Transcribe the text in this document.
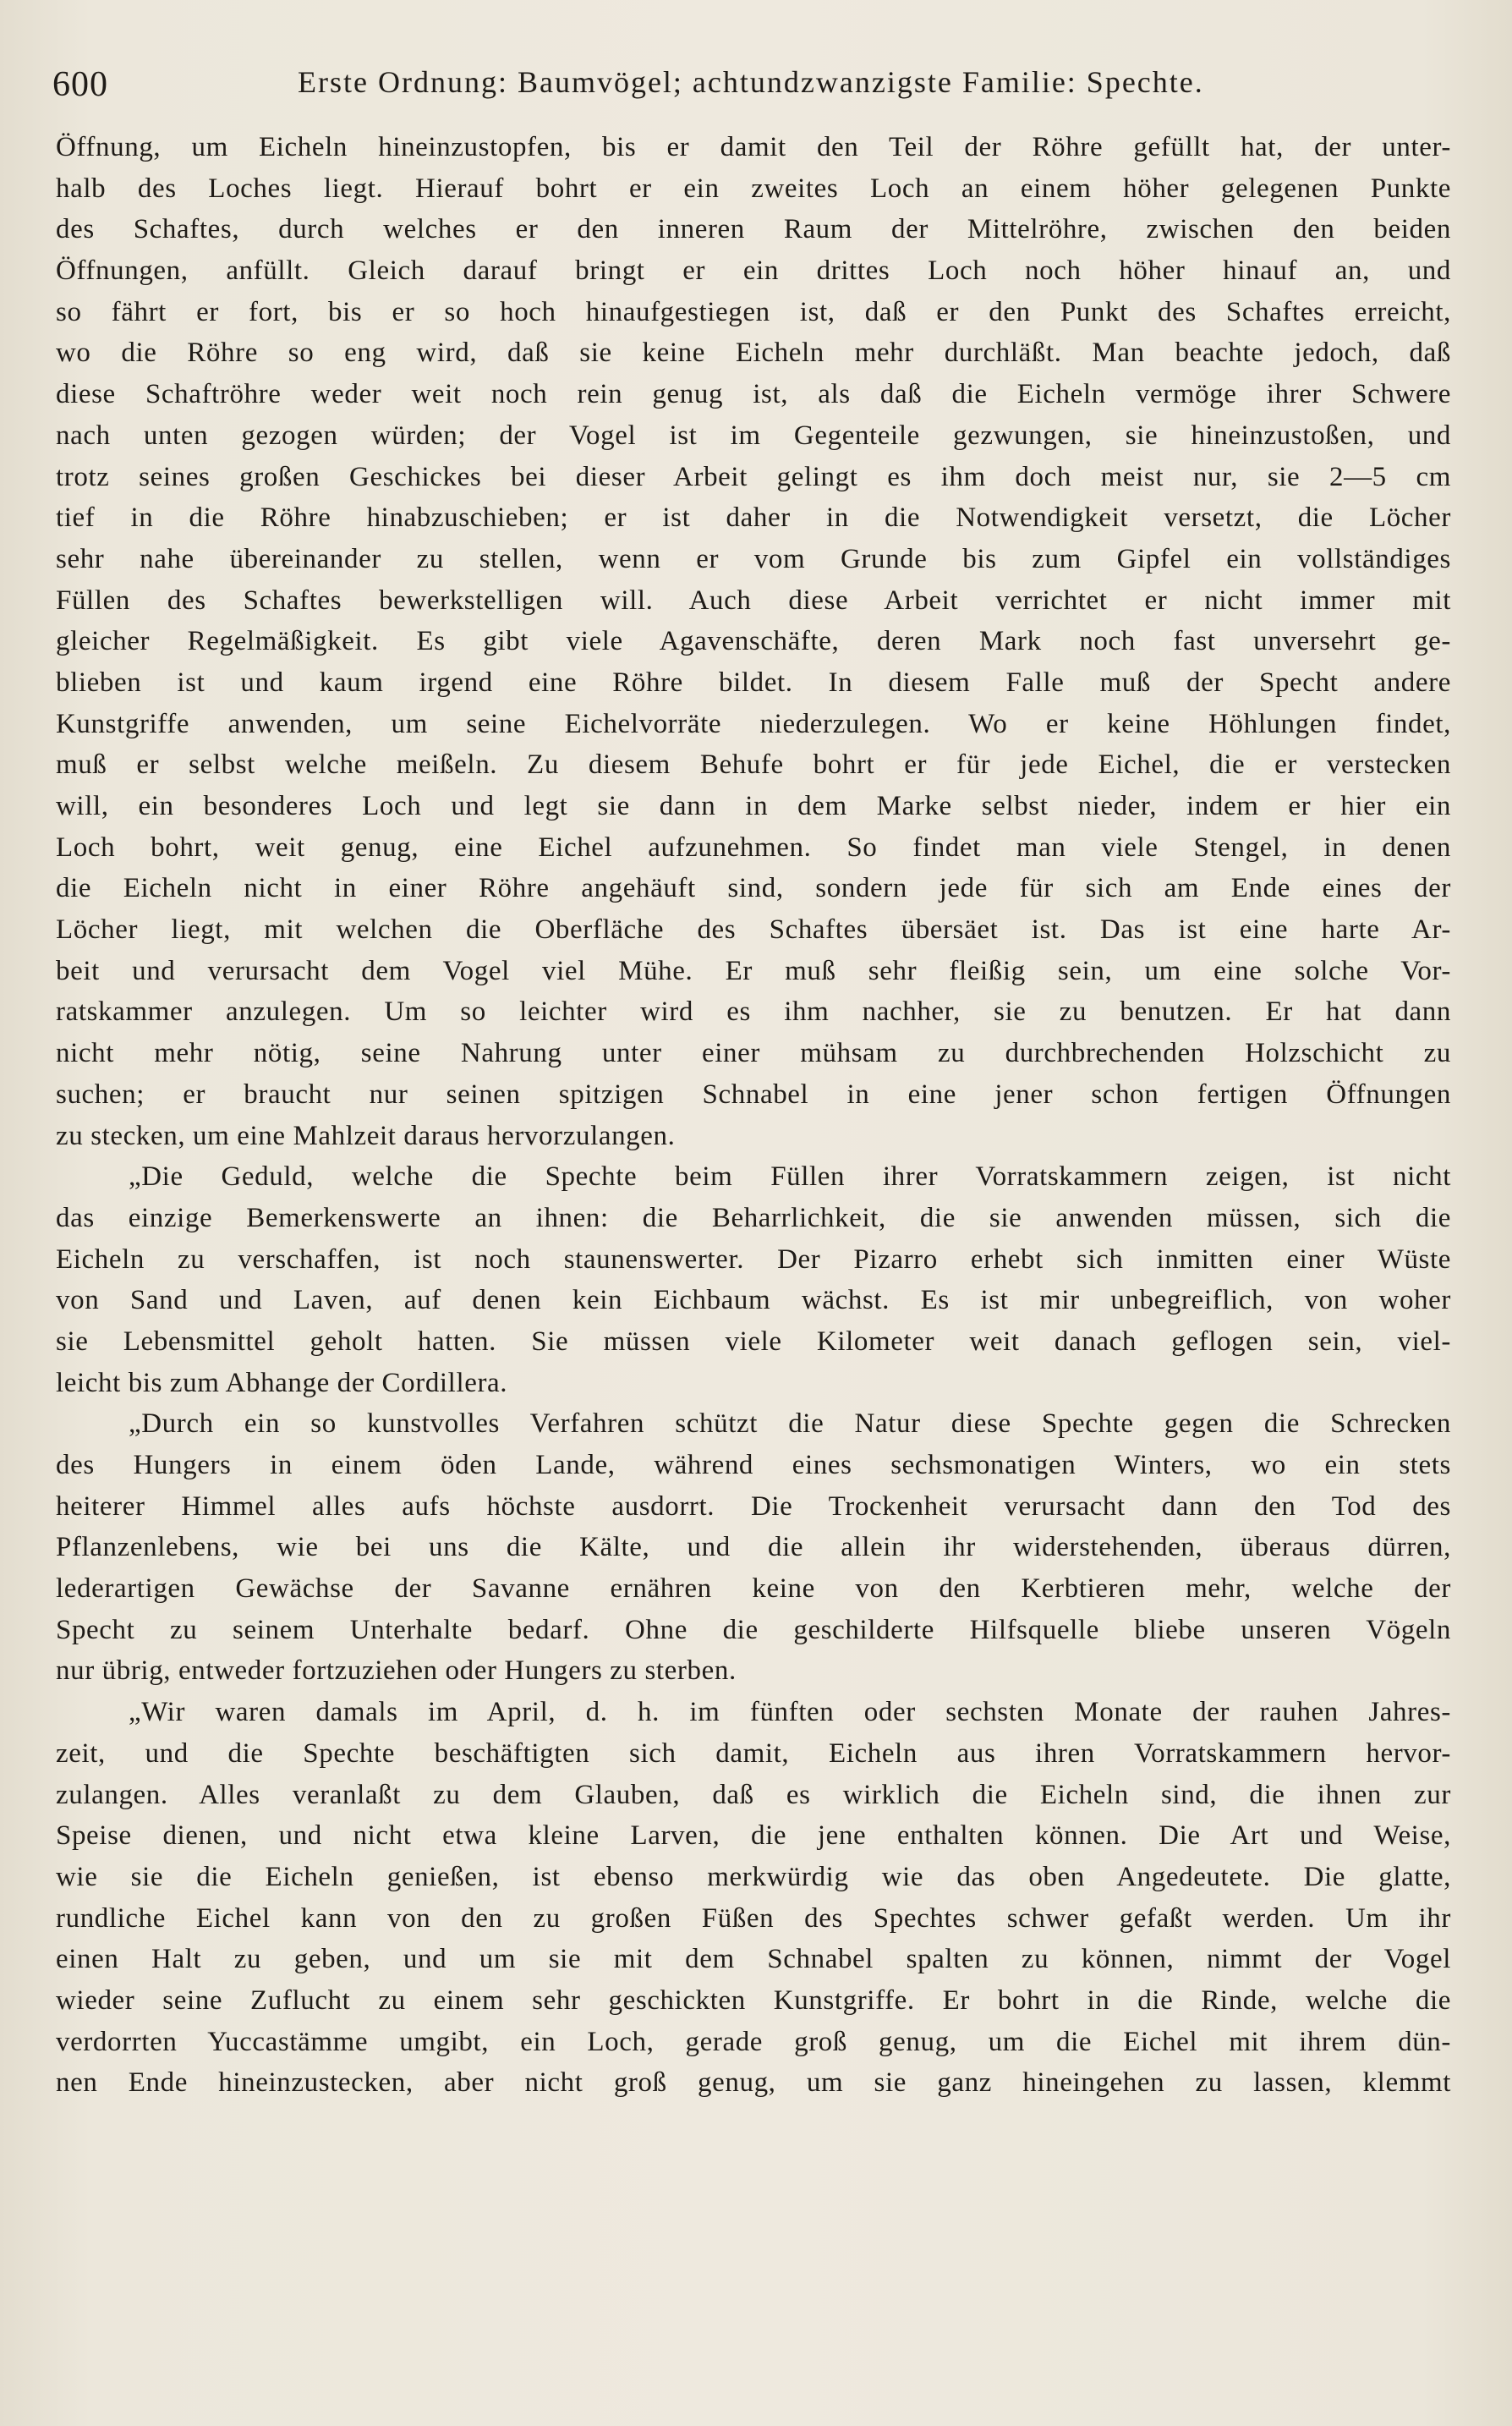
600	Erste Ordnung: Baumvögel; achtundzwanzigste Familie: Spechte.
Öffnung, um Eicheln hineinzustopfen, bis er damit den Teil der Röhre gefüllt hat, der unter-
halb des Loches liegt. Hierauf bohrt er ein zweites Loch an einem höher gelegenen Punkte
des Schaftes, durch welches er den inneren Raum der Mittelröhre, zwischen den beiden
Öffnungen, anfüllt. Gleich darauf bringt er ein drittes Loch noch höher hinauf an, und
so fährt er fort, bis er so hoch hinaufgestiegen ist, daß er den Punkt des Schaftes erreicht,
wo die Röhre so eng wird, daß sie keine Eicheln mehr durchläßt. Man beachte jedoch, daß
diese Schaftröhre weder weit noch rein genug ist, als daß die Eicheln vermöge ihrer Schwere
nach unten gezogen würden; der Vogel ist im Gegenteile gezwungen, sie hineinzustoßen, und
trotz seines großen Geschickes bei dieser Arbeit gelingt es ihm doch meist nur, sie 2—5 cm
tief in die Röhre hinabzuschieben; er ist daher in die Notwendigkeit versetzt, die Löcher
sehr nahe übereinander zu stellen, wenn er vom Grunde bis zum Gipfel ein vollständiges
Füllen des Schaftes bewerkstelligen will. Auch diese Arbeit verrichtet er nicht immer mit
gleicher Regelmäßigkeit. Es gibt viele Agavenschäfte, deren Mark noch fast unversehrt ge-
blieben ist und kaum irgend eine Röhre bildet. In diesem Falle muß der Specht andere
Kunstgriffe anwenden, um seine Eichelvorräte niederzulegen. Wo er keine Höhlungen findet,
muß er selbst welche meißeln. Zu diesem Behufe bohrt er für jede Eichel, die er verstecken
will, ein besonderes Loch und legt sie dann in dem Marke selbst nieder, indem er hier ein
Loch bohrt, weit genug, eine Eichel aufzunehmen. So findet man viele Stengel, in denen
die Eicheln nicht in einer Röhre angehäuft sind, sondern jede für sich am Ende eines der
Löcher liegt, mit welchen die Oberfläche des Schaftes übersäet ist. Das ist eine harte Ar-
beit und verursacht dem Vogel viel Mühe. Er muß sehr fleißig sein, um eine solche Vor-
ratskammer anzulegen. Um so leichter wird es ihm nachher, sie zu benutzen. Er hat dann
nicht mehr nötig, seine Nahrung unter einer mühsam zu durchbrechenden Holzschicht zu
suchen; er braucht nur seinen spitzigen Schnabel in eine jener schon fertigen Öffnungen
zu stecken, um eine Mahlzeit daraus hervorzulangen.
„Die Geduld, welche die Spechte beim Füllen ihrer Vorratskammern zeigen, ist nicht
das einzige Bemerkenswerte an ihnen: die Beharrlichkeit, die sie anwenden müssen, sich die
Eicheln zu verschaffen, ist noch staunenswerter. Der Pizarro erhebt sich inmitten einer Wüste
von Sand und Laven, auf denen kein Eichbaum wächst. Es ist mir unbegreiflich, von woher
sie Lebensmittel geholt hatten. Sie müssen viele Kilometer weit danach geflogen sein, viel-
leicht bis zum Abhange der Cordillera.
„Durch ein so kunstvolles Verfahren schützt die Natur diese Spechte gegen die Schrecken
des Hungers in einem öden Lande, während eines sechsmonatigen Winters, wo ein stets
heiterer Himmel alles aufs höchste ausdorrt. Die Trockenheit verursacht dann den Tod des
Pflanzenlebens, wie bei uns die Kälte, und die allein ihr widerstehenden, überaus dürren,
lederartigen Gewächse der Savanne ernähren keine von den Kerbtieren mehr, welche der
Specht zu seinem Unterhalte bedarf. Ohne die geschilderte Hilfsquelle bliebe unseren Vögeln
nur übrig, entweder fortzuziehen oder Hungers zu sterben.
„Wir waren damals im April, d. h. im fünften oder sechsten Monate der rauhen Jahres-
zeit, und die Spechte beschäftigten sich damit, Eicheln aus ihren Vorratskammern hervor-
zulangen. Alles veranlaßt zu dem Glauben, daß es wirklich die Eicheln sind, die ihnen zur
Speise dienen, und nicht etwa kleine Larven, die jene enthalten können. Die Art und Weise,
wie sie die Eicheln genießen, ist ebenso merkwürdig wie das oben Angedeutete. Die glatte,
rundliche Eichel kann von den zu großen Füßen des Spechtes schwer gefaßt werden. Um ihr
einen Halt zu geben, und um sie mit dem Schnabel spalten zu können, nimmt der Vogel
wieder seine Zuflucht zu einem sehr geschickten Kunstgriffe. Er bohrt in die Rinde, welche die
verdorrten Yuccastämme umgibt, ein Loch, gerade groß genug, um die Eichel mit ihrem dün-
nen Ende hineinzustecken, aber nicht groß genug, um sie ganz hineingehen zu lassen, klemmt
